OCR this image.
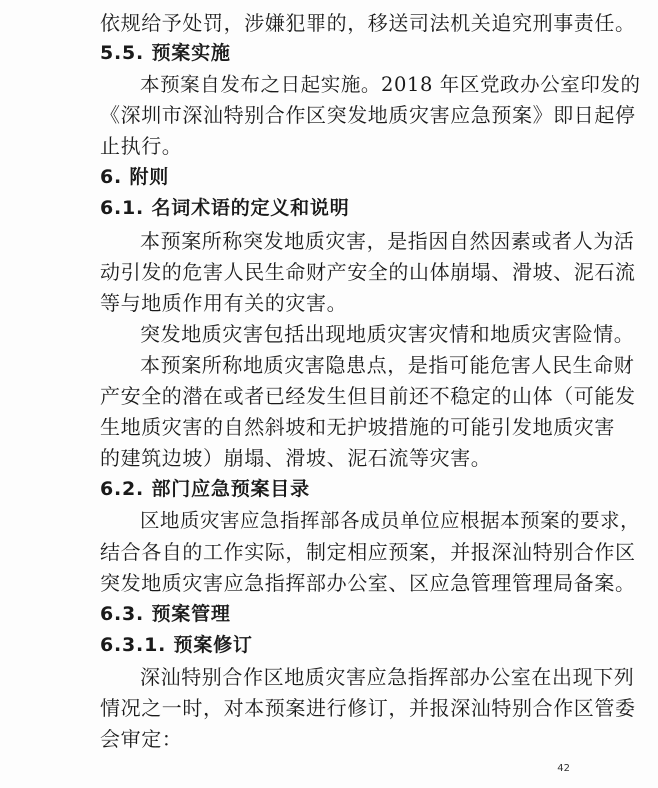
依规给予处罚，涉嫌犯罪的，移送司法机关追究刑事责任。
5.5. 预案实施
本预案自发布之日起实施。2018 年区党政办公室印发的
《深圳市深汕特别合作区突发地质灾害应急预案》即日起停
止执行。
6. 附则
6.1. 名词术语的定义和说明
本预案所称突发地质灾害，是指因自然因素或者人为活
动引发的危害人民生命财产安全的山体崩塌、滑坡、泥石流
等与地质作用有关的灾害。
突发地质灾害包括出现地质灾害灾情和地质灾害险情。
本预案所称地质灾害隐患点，是指可能危害人民生命财
产安全的潜在或者已经发生但目前还不稳定的山体（可能发
生地质灾害的自然斜坡和无护坡措施的可能引发地质灾害
的建筑边坡）崩塌、滑坡、泥石流等灾害。
6.2. 部门应急预案目录
区地质灾害应急指挥部各成员单位应根据本预案的要求，
结合各自的工作实际，制定相应预案，并报深汕特别合作区
突发地质灾害应急指挥部办公室、区应急管理管理局备案。
6.3. 预案管理
6.3.1. 预案修订
深汕特别合作区地质灾害应急指挥部办公室在出现下列
情况之一时，对本预案进行修订，并报深汕特别合作区管委
会审定：
42
